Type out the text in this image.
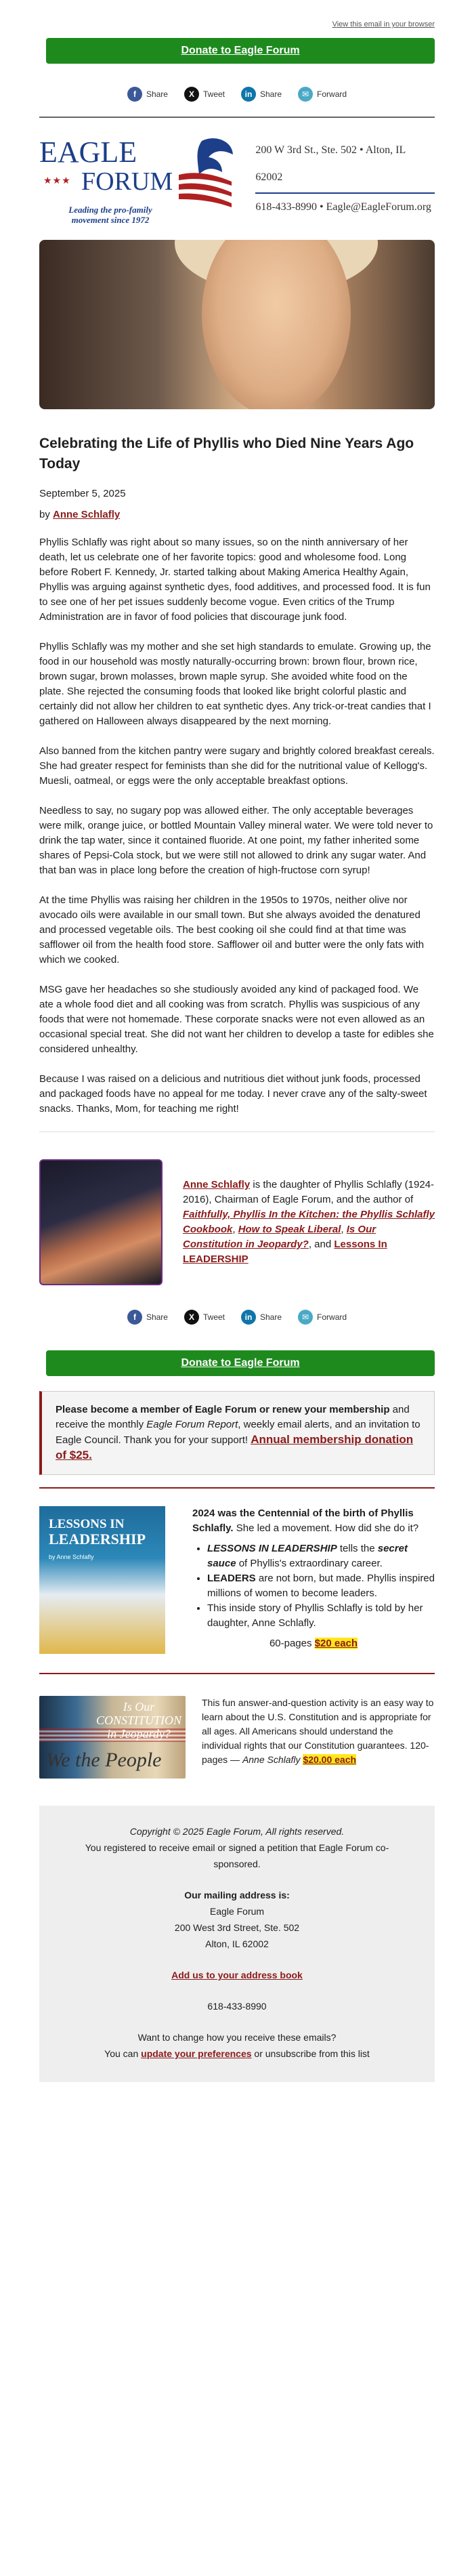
View this email in your browser
Donate to Eagle Forum
f	Share	X	Tweet	in Share	✉ Forward
EAGLE
★★★ FORUM
Leading the pro-family movement since 1972
200 W 3rd St., Ste. 502 • Alton, IL 62002
618-433-8990 • Eagle@EagleForum.org
Celebrating the Life of Phyllis who Died Nine Years Ago Today
September 5, 2025
by Anne Schlafly

Phyllis Schlafly was right about so many issues, so on the ninth anniversary of her death, let us celebrate one of her favorite topics: good and wholesome food. Long before Robert F. Kennedy, Jr. started talking about Making America Healthy Again, Phyllis was arguing against synthetic dyes, food additives, and processed food. It is fun to see one of her pet issues suddenly become vogue. Even critics of the Trump Administration are in favor of food policies that discourage junk food.

Phyllis Schlafly was my mother and she set high standards to emulate. Growing up, the food in our household was mostly naturally-occurring brown: brown flour, brown rice, brown sugar, brown molasses, brown maple syrup. She avoided white food on the plate. She rejected the consuming foods that looked like bright colorful plastic and certainly did not allow her children to eat synthetic dyes. Any trick-or-treat candies that I gathered on Halloween always disappeared by the next morning.

Also banned from the kitchen pantry were sugary and brightly colored breakfast cereals. She had greater respect for feminists than she did for the nutritional value of Kellogg's. Muesli, oatmeal, or eggs were the only acceptable breakfast options.

Needless to say, no sugary pop was allowed either. The only acceptable beverages were milk, orange juice, or bottled Mountain Valley mineral water. We were told never to drink the tap water, since it contained fluoride. At one point, my father inherited some shares of Pepsi-Cola stock, but we were still not allowed to drink any sugar water. And that ban was in place long before the creation of high-fructose corn syrup!

At the time Phyllis was raising her children in the 1950s to 1970s, neither olive nor avocado oils were available in our small town. But she always avoided the denatured and processed vegetable oils. The best cooking oil she could find at that time was safflower oil from the health food store. Safflower oil and butter were the only fats with which we cooked.

MSG gave her headaches so she studiously avoided any kind of packaged food. We ate a whole food diet and all cooking was from scratch. Phyllis was suspicious of any foods that were not homemade. These corporate snacks were not even allowed as an occasional special treat. She did not want her children to develop a taste for edibles she considered unhealthy.

Because I was raised on a delicious and nutritious diet without junk foods, processed and packaged foods have no appeal for me today. I never crave any of the salty-sweet snacks. Thanks, Mom, for teaching me right!

Anne Schlafly is the daughter of Phyllis Schlafly (1924-2016), Chairman of Eagle Forum, and the author of Faithfully, Phyllis In the Kitchen: the Phyllis Schlafly Cookbook, How to Speak Liberal, Is Our Constitution in Jeopardy?, and Lessons In LEADERSHIP
f	Share	X	Tweet	in Share	✉ Forward
Donate to Eagle Forum
Please become a member of Eagle Forum or renew your membership and receive the monthly Eagle Forum Report, weekly email alerts, and an invitation to Eagle Council. Thank you for your support! Annual membership donation of $25.
LESSONS IN
LEADERSHIP
by Anne Schlafly
2024 was the Centennial of the birth of Phyllis Schlafly. She led a movement. How did she do it?
• LESSONS IN LEADERSHIP tells the secret sauce of Phyllis's extraordinary career.
• LEADERS are not born, but made. Phyllis inspired millions of women to become leaders.
• This inside story of Phyllis Schlafly is told by her daughter, Anne Schlafly.
60-pages $20 each
Is Our CONSTITUTION in Jeopardy?
We the People
This fun answer-and-question activity is an easy way to learn about the U.S. Constitution and is appropriate for all ages. All Americans should understand the individual rights that our Constitution guarantees. 120-pages — Anne Schlafly $20.00 each
Copyright © 2025 Eagle Forum, All rights reserved.
You registered to receive email or signed a petition that Eagle Forum co-sponsored.
Our mailing address is:
Eagle Forum
200 West 3rd Street, Ste. 502
Alton, IL 62002
Add us to your address book
618-433-8990
Want to change how you receive these emails?
You can update your preferences or unsubscribe from this list
